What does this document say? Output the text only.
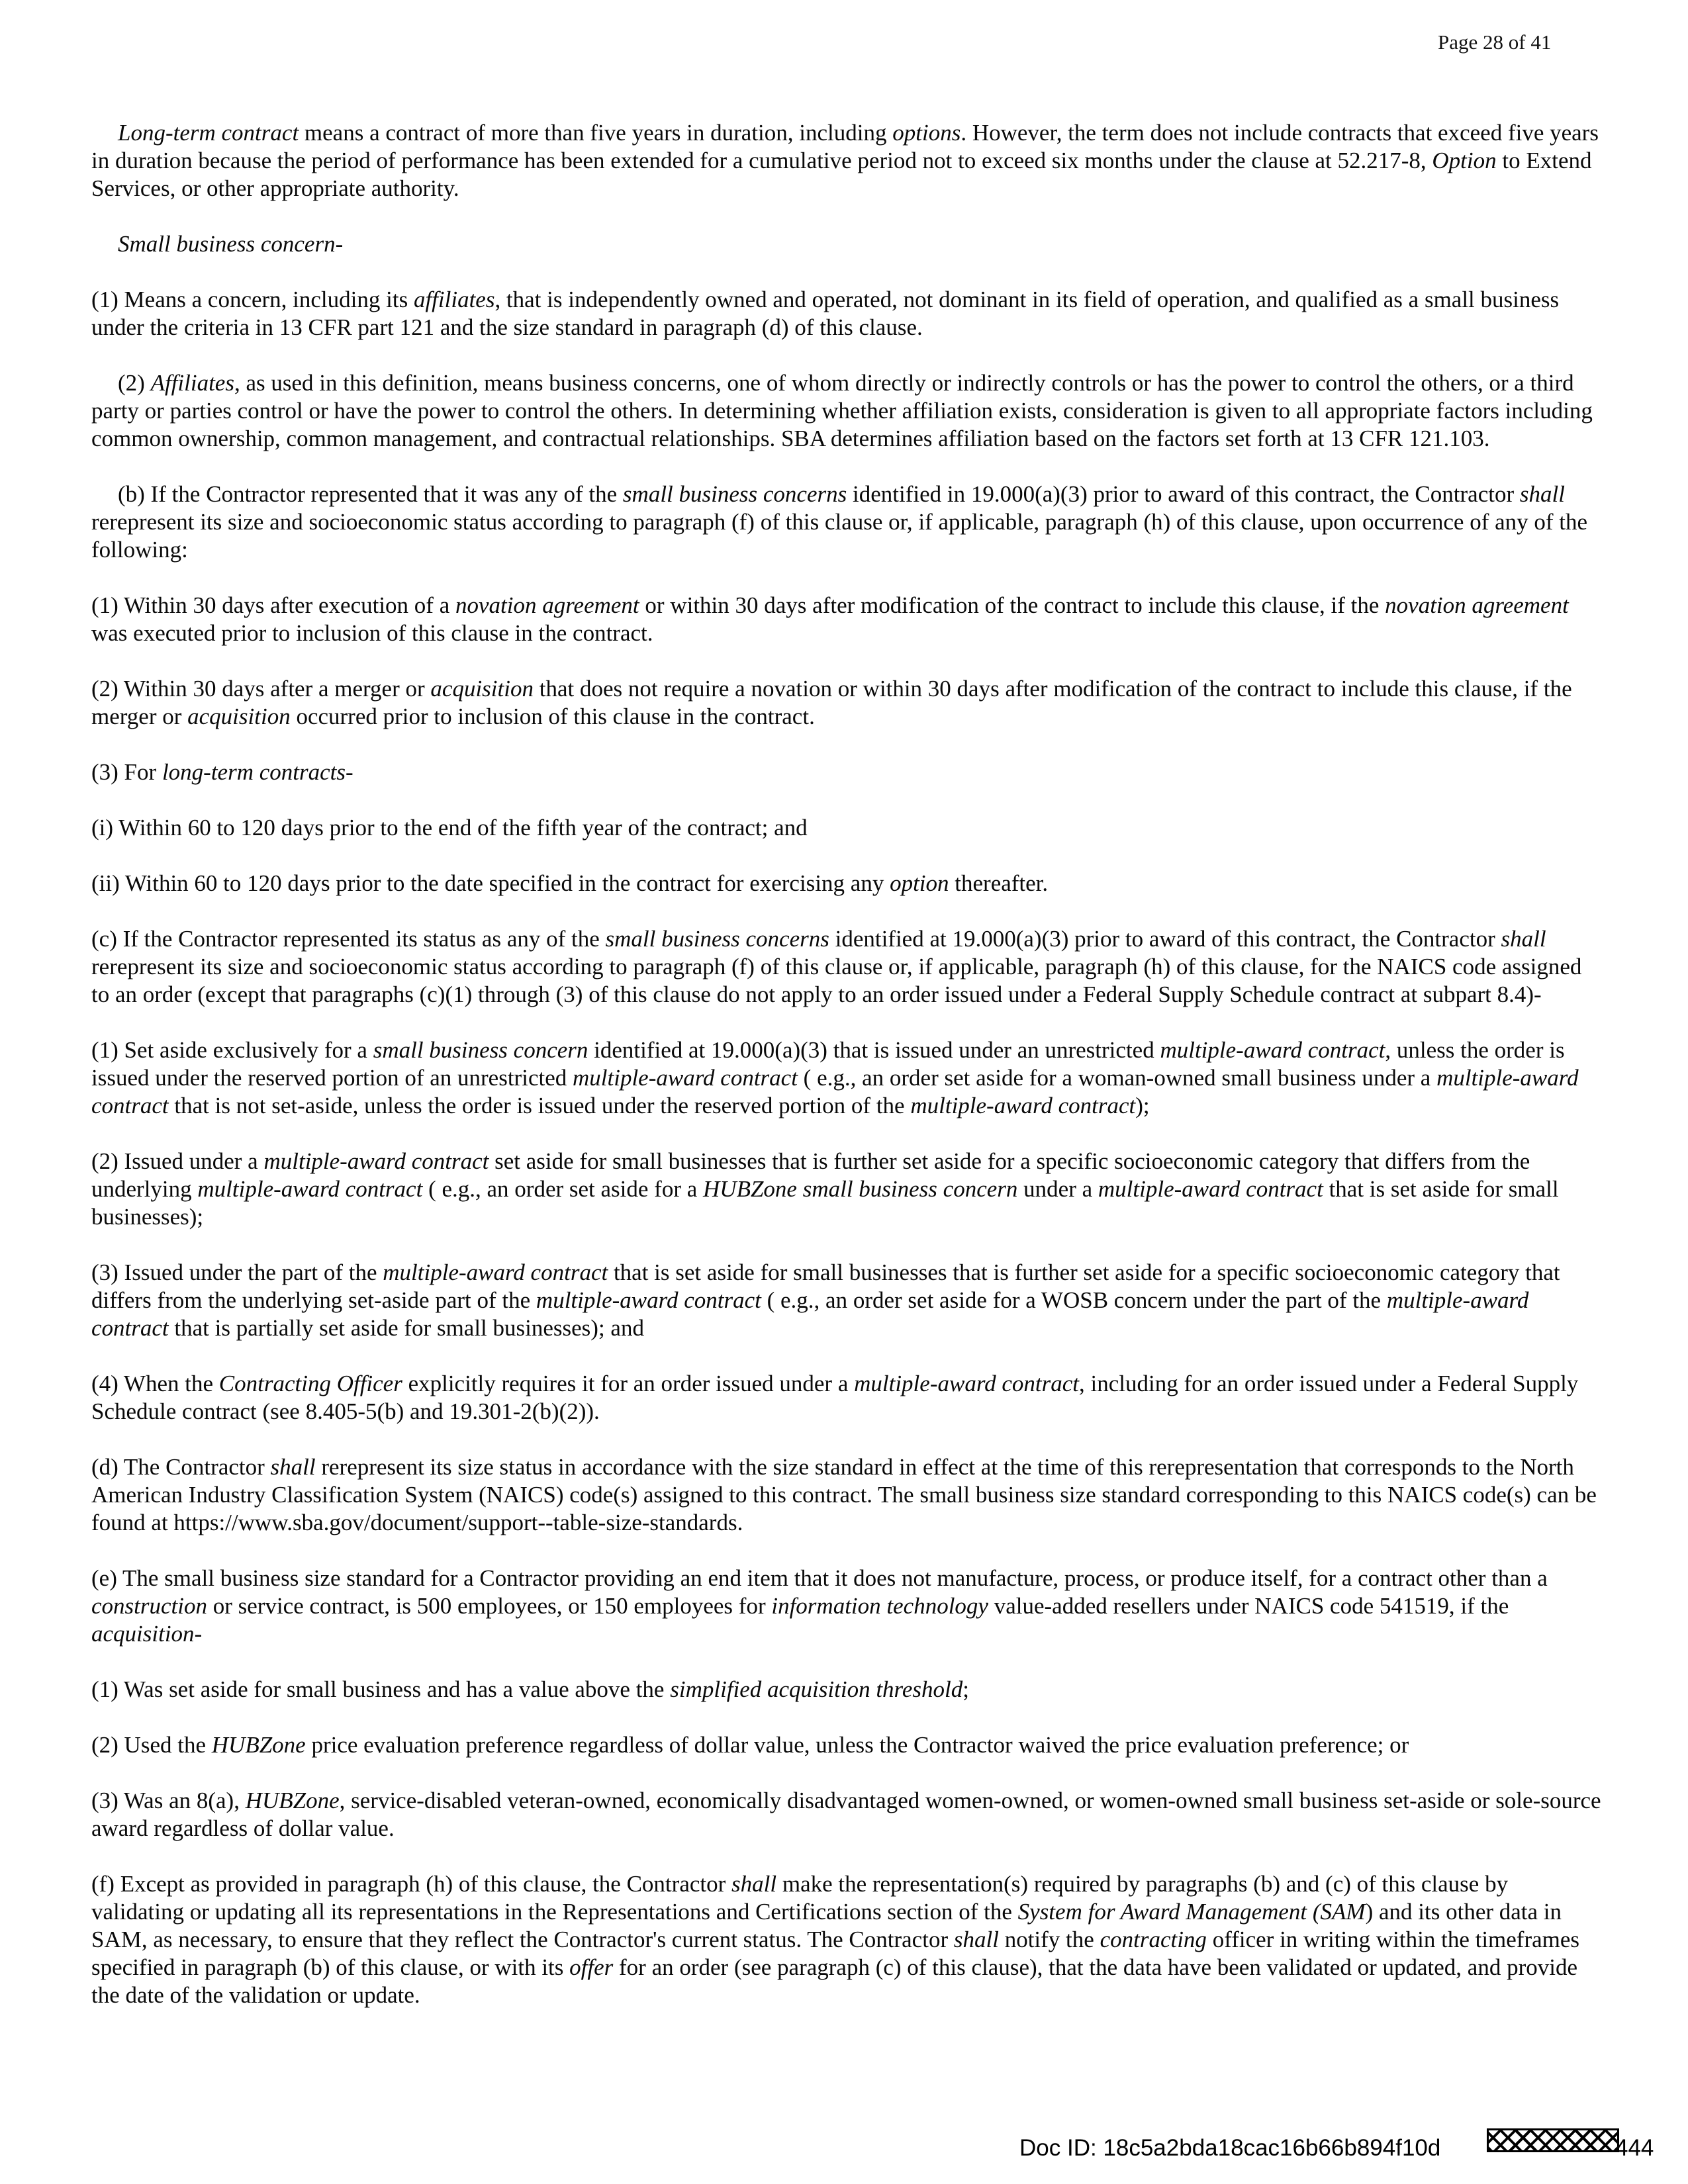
Page 28 of 41

Long-term contract means a contract of more than five years in duration, including options. However, the term does not include contracts that exceed five years in duration because the period of performance has been extended for a cumulative period not to exceed six months under the clause at 52.217-8, Option to Extend Services, or other appropriate authority.

Small business concern-

(1) Means a concern, including its affiliates, that is independently owned and operated, not dominant in its field of operation, and qualified as a small business under the criteria in 13 CFR part 121 and the size standard in paragraph (d) of this clause.

(2) Affiliates, as used in this definition, means business concerns, one of whom directly or indirectly controls or has the power to control the others, or a third party or parties control or have the power to control the others. In determining whether affiliation exists, consideration is given to all appropriate factors including common ownership, common management, and contractual relationships. SBA determines affiliation based on the factors set forth at 13 CFR 121.103.

(b) If the Contractor represented that it was any of the small business concerns identified in 19.000(a)(3) prior to award of this contract, the Contractor shall rerepresent its size and socioeconomic status according to paragraph (f) of this clause or, if applicable, paragraph (h) of this clause, upon occurrence of any of the following:

(1) Within 30 days after execution of a novation agreement or within 30 days after modification of the contract to include this clause, if the novation agreement was executed prior to inclusion of this clause in the contract.

(2) Within 30 days after a merger or acquisition that does not require a novation or within 30 days after modification of the contract to include this clause, if the merger or acquisition occurred prior to inclusion of this clause in the contract.

(3) For long-term contracts-

(i) Within 60 to 120 days prior to the end of the fifth year of the contract; and

(ii) Within 60 to 120 days prior to the date specified in the contract for exercising any option thereafter.

(c) If the Contractor represented its status as any of the small business concerns identified at 19.000(a)(3) prior to award of this contract, the Contractor shall rerepresent its size and socioeconomic status according to paragraph (f) of this clause or, if applicable, paragraph (h) of this clause, for the NAICS code assigned to an order (except that paragraphs (c)(1) through (3) of this clause do not apply to an order issued under a Federal Supply Schedule contract at subpart 8.4)-

(1) Set aside exclusively for a small business concern identified at 19.000(a)(3) that is issued under an unrestricted multiple-award contract, unless the order is issued under the reserved portion of an unrestricted multiple-award contract ( e.g., an order set aside for a woman-owned small business under a multiple-award contract that is not set-aside, unless the order is issued under the reserved portion of the multiple-award contract);

(2) Issued under a multiple-award contract set aside for small businesses that is further set aside for a specific socioeconomic category that differs from the underlying multiple-award contract ( e.g., an order set aside for a HUBZone small business concern under a multiple-award contract that is set aside for small businesses);

(3) Issued under the part of the multiple-award contract that is set aside for small businesses that is further set aside for a specific socioeconomic category that differs from the underlying set-aside part of the multiple-award contract ( e.g., an order set aside for a WOSB concern under the part of the multiple-award contract that is partially set aside for small businesses); and

(4) When the Contracting Officer explicitly requires it for an order issued under a multiple-award contract, including for an order issued under a Federal Supply Schedule contract (see 8.405-5(b) and 19.301-2(b)(2)).

(d) The Contractor shall rerepresent its size status in accordance with the size standard in effect at the time of this rerepresentation that corresponds to the North American Industry Classification System (NAICS) code(s) assigned to this contract. The small business size standard corresponding to this NAICS code(s) can be found at https://www.sba.gov/document/support--table-size-standards.

(e) The small business size standard for a Contractor providing an end item that it does not manufacture, process, or produce itself, for a contract other than a construction or service contract, is 500 employees, or 150 employees for information technology value-added resellers under NAICS code 541519, if the acquisition-

(1) Was set aside for small business and has a value above the simplified acquisition threshold;

(2) Used the HUBZone price evaluation preference regardless of dollar value, unless the Contractor waived the price evaluation preference; or

(3) Was an 8(a), HUBZone, service-disabled veteran-owned, economically disadvantaged women-owned, or women-owned small business set-aside or sole-source award regardless of dollar value.

(f) Except as provided in paragraph (h) of this clause, the Contractor shall make the representation(s) required by paragraphs (b) and (c) of this clause by validating or updating all its representations in the Representations and Certifications section of the System for Award Management (SAM) and its other data in SAM, as necessary, to ensure that they reflect the Contractor's current status. The Contractor shall notify the contracting officer in writing within the timeframes specified in paragraph (b) of this clause, or with its offer for an order (see paragraph (c) of this clause), that the data have been validated or updated, and provide the date of the validation or update.

Doc ID: 18c5a2bda18cac16b66b894f10d	444
